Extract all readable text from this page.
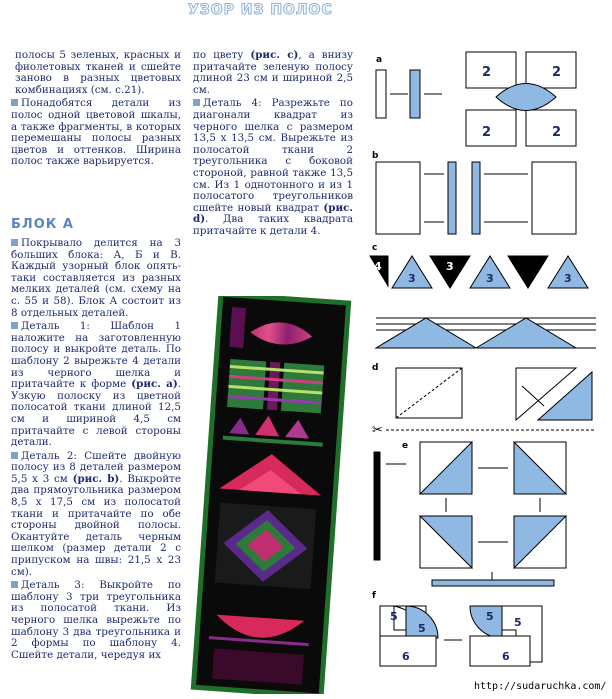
УЗОР ИЗ ПОЛОС

полосы 5 зеленых, красных и фиолетовых тканей и сшейте заново в разных цветовых комбинациях (см. с.21).

Понадобятся детали из полос одной цветовой шкалы, а также фрагменты, в которых перемешаны полосы разных цветов и оттенков. Ширина полос также варьируется.

БЛОК А

Покрывало делится на 3 больших блока: А, Б и В. Каждый узорный блок опять-таки составляется из разных мелких деталей (см. схему на с. 55 и 58). Блок А состоит из 8 отдельных деталей.

Деталь 1: Шаблон 1 наложите на заготовленную полосу и выкройте деталь. По шаблону 2 вырежьте 4 детали из черного шелка и притачайте к форме (рис. a). Узкую полоску из цветной полосатой ткани длиной 12,5 см и шириной 4,5 см притачайте с левой стороны детали.

Деталь 2: Сшейте двойную полосу из 8 деталей размером 5,5 х 3 см (рис. b). Выкройте два прямоугольника размером 8,5 х 17,5 см из полосатой ткани и притачайте по обе стороны двойной полосы. Окантуйте деталь черным шелком (размер детали 2 с припуском на швы: 21,5 х 23 см).

Деталь 3: Выкройте по шаблону 3 три треугольника из полосатой ткани. Из черного шелка вырежьте по шаблону 3 два треугольника и 2 формы по шаблону 4. Сшейте детали, чередуя их

по цвету (рис. c), а внизу притачайте зеленую полосу длиной 23 см и шириной 2,5 см.

Деталь 4: Разрежьте по диагонали квадрат из черного шелка с размером 13,5 х 13,5 см. Вырежьте из полосатой ткани 2 треугольника с боковой стороной, равной также 13,5 см. Из 1 однотонного и из 1 полосатого треугольников сшейте новый квадрат (рис. d). Два таких квадрата притачайте к детали 4.

a
2	2
2	2
b
c
4	3
3	3	3
d
✂
e
f
5
5
5 5
6	6
http://sudaruchka.com/
